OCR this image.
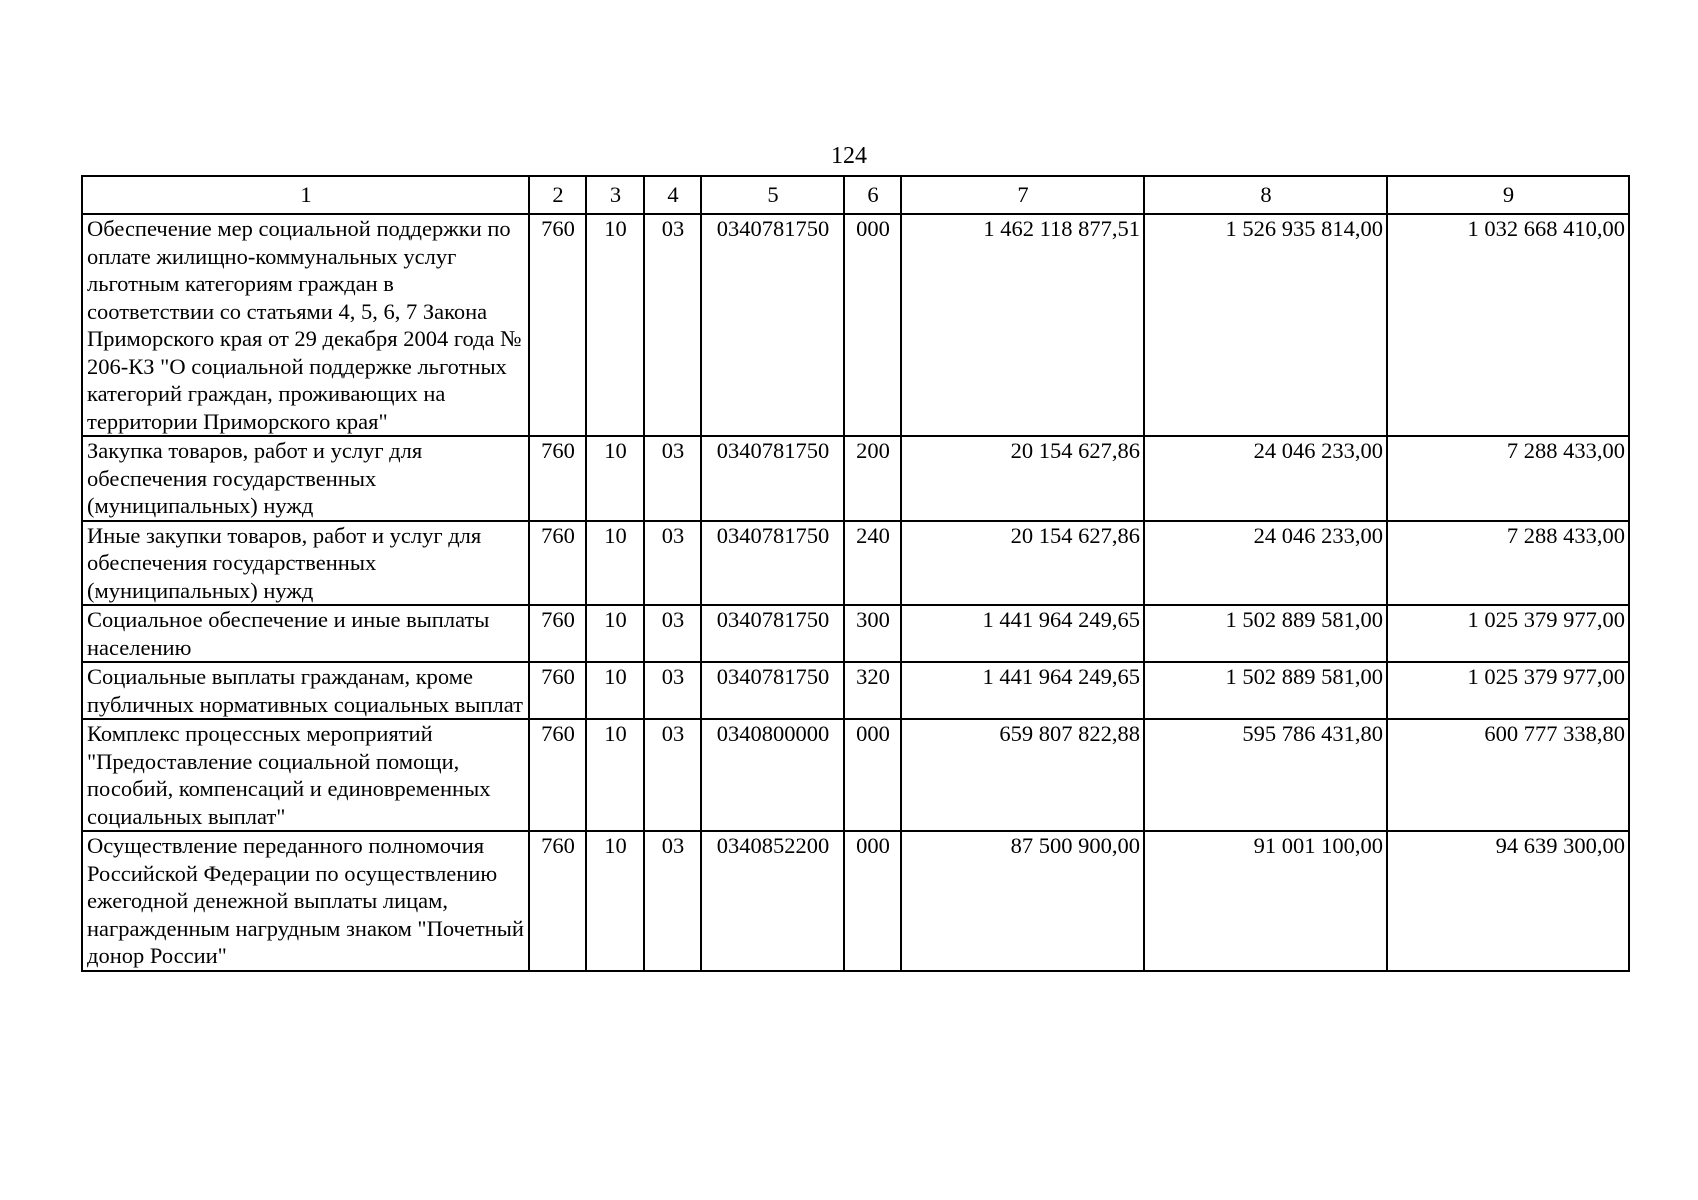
124
1	2	3	4	5	6	7	8	9
Обеспечение мер социальной поддержки по оплате жилищно-коммунальных услуг льготным категориям граждан в соответствии со статьями 4, 5, 6, 7 Закона Приморского края от 29 декабря 2004 года № 206-КЗ "О социальной поддержке льготных категорий граждан, проживающих на территории Приморского края"	760	10	03	0340781750	000	1 462 118 877,51	1 526 935 814,00	1 032 668 410,00
Закупка товаров, работ и услуг для обеспечения государственных (муниципальных) нужд	760	10	03	0340781750	200	20 154 627,86	24 046 233,00	7 288 433,00
Иные закупки товаров, работ и услуг для обеспечения государственных (муниципальных) нужд	760	10	03	0340781750	240	20 154 627,86	24 046 233,00	7 288 433,00
Социальное обеспечение и иные выплаты населению	760	10	03	0340781750	300	1 441 964 249,65	1 502 889 581,00	1 025 379 977,00
Социальные выплаты гражданам, кроме публичных нормативных социальных выплат	760	10	03	0340781750	320	1 441 964 249,65	1 502 889 581,00	1 025 379 977,00
Комплекс процессных мероприятий "Предоставление социальной помощи, пособий, компенсаций и единовременных социальных выплат"	760	10	03	0340800000	000	659 807 822,88	595 786 431,80	600 777 338,80
Осуществление переданного полномочия Российской Федерации по осуществлению ежегодной денежной выплаты лицам, награжденным нагрудным знаком "Почетный донор России"	760	10	03	0340852200	000	87 500 900,00	91 001 100,00	94 639 300,00
